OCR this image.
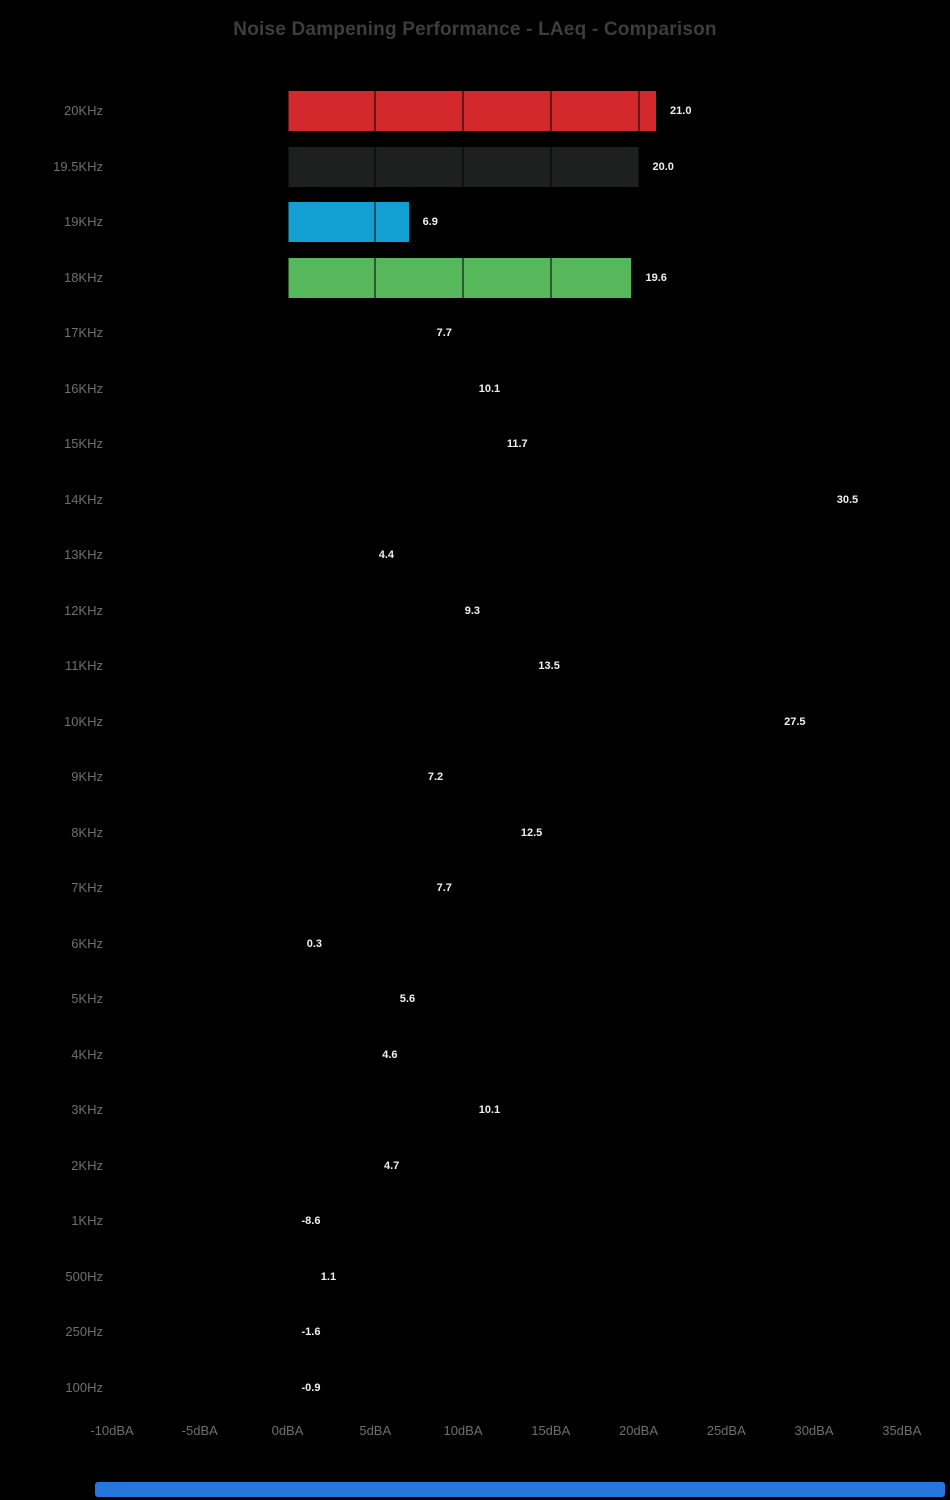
Noise Dampening Performance - LAeq - Comparison
20KHz	21.0
19.5KHz	20.0
19KHz	6.9
18KHz	19.6
17KHz	7.7
16KHz	10.1
15KHz	11.7
14KHz	30.5
13KHz	4.4
12KHz	9.3
11KHz	13.5
10KHz	27.5
9KHz	7.2
8KHz	12.5
7KHz	7.7
6KHz	0.3
5KHz	5.6
4KHz	4.6
3KHz	10.1
2KHz	4.7
1KHz	-8.6
500Hz	1.1
250Hz	-1.6
100Hz	-0.9
-10dBA	-5dBA	0dBA	5dBA	10dBA	15dBA	20dBA	25dBA	30dBA	35dBA
